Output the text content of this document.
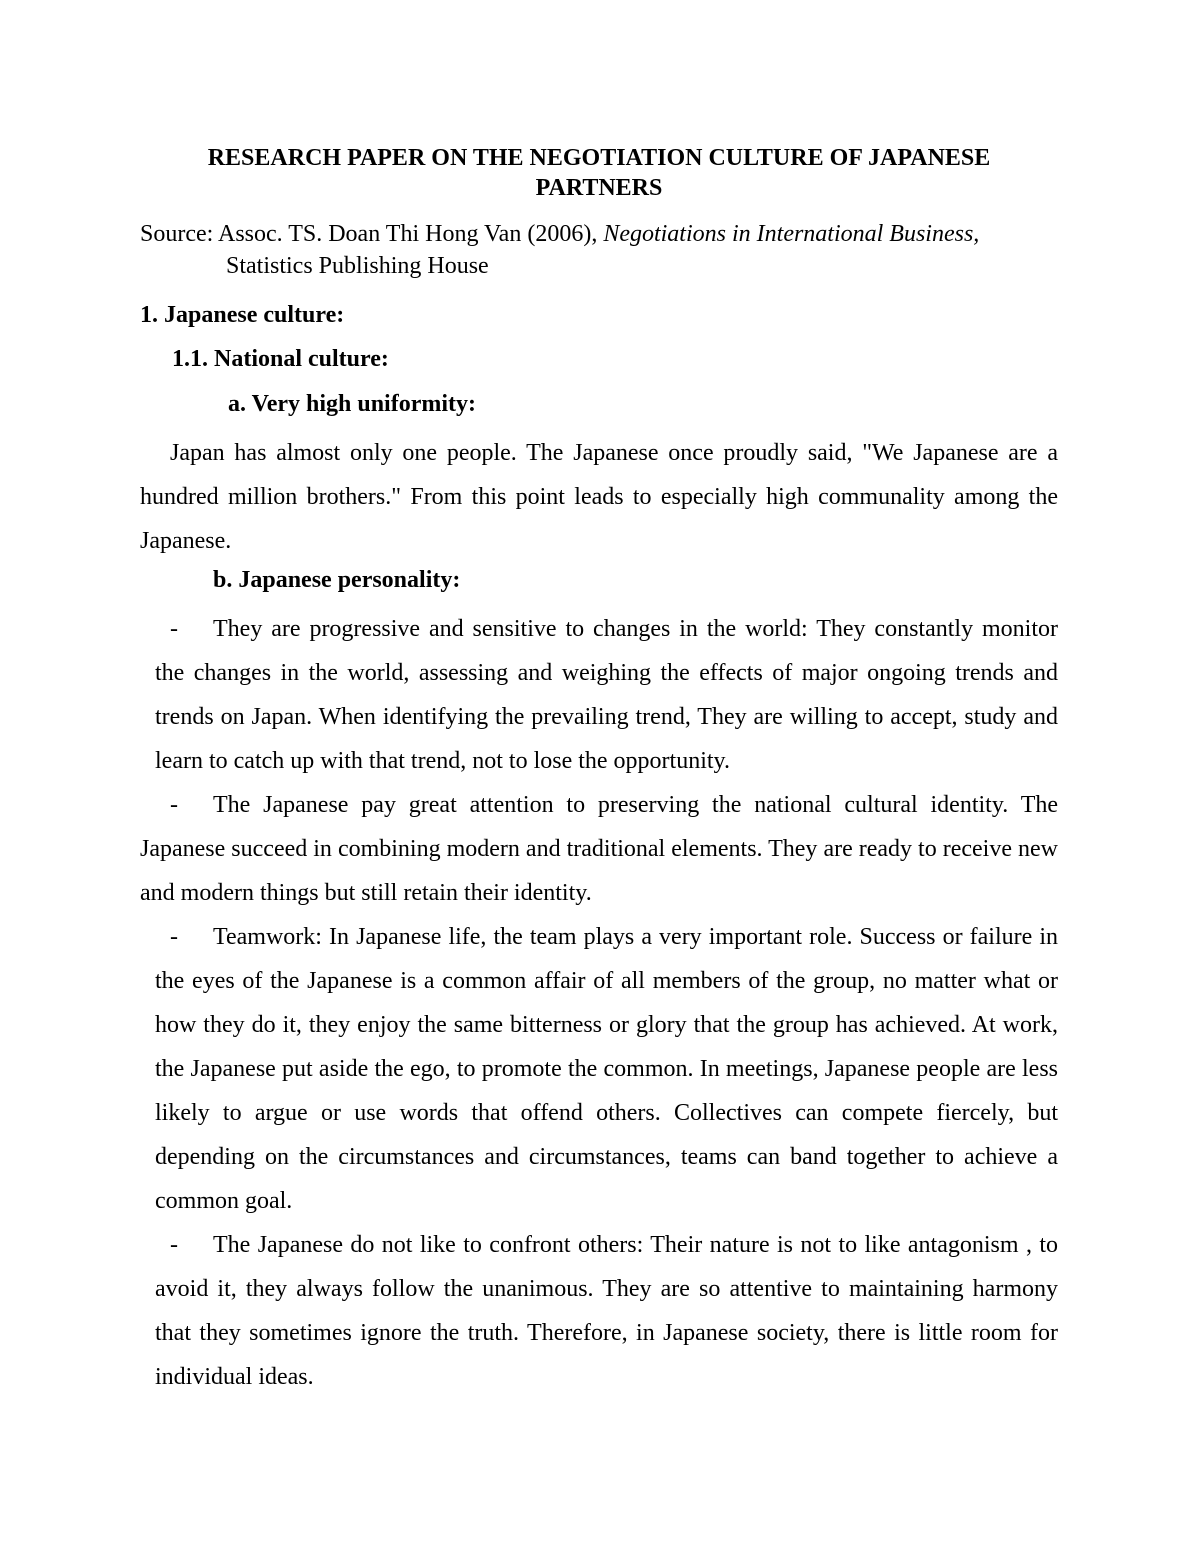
RESEARCH PAPER ON THE NEGOTIATION CULTURE OF JAPANESE
PARTNERS
Source: Assoc. TS. Doan Thi Hong Van (2006), Negotiations in International Business,
Statistics Publishing House
1. Japanese culture:
1.1. National culture:
a. Very high uniformity:
Japan has almost only one people. The Japanese once proudly said, "We Japanese are a hundred million brothers." From this point leads to especially high communality among the Japanese.
b. Japanese personality:
-	They are progressive and sensitive to changes in the world: They constantly monitor the changes in the world, assessing and weighing the effects of major ongoing trends and trends on Japan. When identifying the prevailing trend, They are willing to accept, study and learn to catch up with that trend, not to lose the opportunity.
-	The Japanese pay great attention to preserving the national cultural identity. The Japanese succeed in combining modern and traditional elements. They are ready to receive new and modern things but still retain their identity.
-	Teamwork: In Japanese life, the team plays a very important role. Success or failure in the eyes of the Japanese is a common affair of all members of the group, no matter what or how they do it, they enjoy the same bitterness or glory that the group has achieved. At work, the Japanese put aside the ego, to promote the common. In meetings, Japanese people are less likely to argue or use words that offend others. Collectives can compete fiercely, but depending on the circumstances and circumstances, teams can band together to achieve a common goal.
-	The Japanese do not like to confront others: Their nature is not to like antagonism , to avoid it, they always follow the unanimous. They are so attentive to maintaining harmony that they sometimes ignore the truth. Therefore, in Japanese society, there is little room for individual ideas.
